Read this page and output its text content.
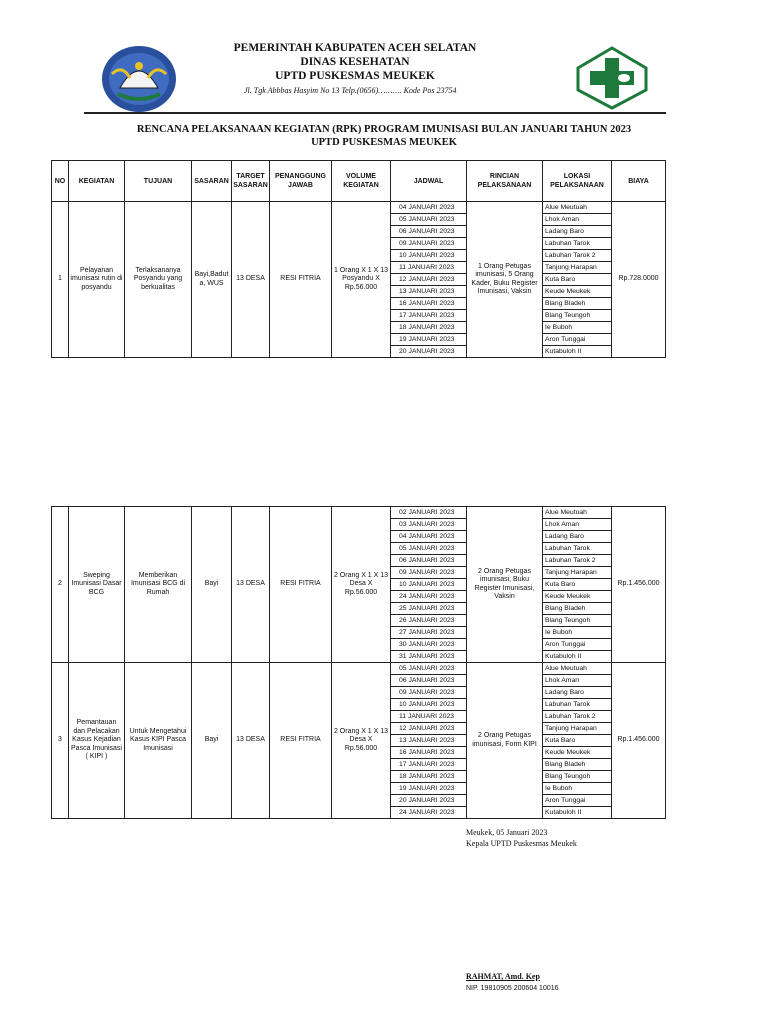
PEMERINTAH KABUPATEN ACEH SELATAN
DINAS KESEHATAN
UPTD PUSKESMAS MEUKEK
Jl. Tgk Abbbas Hasyim No 13 Telp.(0656)………. Kode Pos 23754
RENCANA PELAKSANAAN KEGIATAN (RPK) PROGRAM IMUNISASI BULAN JANUARI TAHUN 2023
UPTD PUSKESMAS MEUKEK
NO	KEGIATAN	TUJUAN	SASARAN	TARGET SASARAN	PENANGGUNG JAWAB	VOLUME KEGIATAN	JADWAL	RINCIAN PELAKSANAAN	LOKASI PELAKSANAAN	BIAYA
1	Pelayanan imunisasi rutin di posyandu	Terlaksananya Posyandu yang berkualitas	Bayi,Badut a, WUS	13 DESA	RESI FITRIA	1 Orang X 1 X 13 Posyandu X Rp.56.000	04 JANUARI 2023	1 Orang Petugas imunisasi, 5 Orang Kader, Buku Register Imunisasi, Vaksin	Alue Meutuah	Rp.728.0000
							05 JANUARI 2023		Lhok Aman	
							06 JANUARI 2023		Ladang Baro	
							09 JANUARI 2023		Labuhan Tarok	
							10 JANUARI 2023		Labuhan Tarok 2	
							11 JANUARI 2023		Tanjung Harapan	
							12 JANUARI 2023		Kuta Baro	
							13 JANUARI 2023		Keude Meukek	
							16 JANUARI 2023		Blang Bladeh	
							17 JANUARI 2023		Blang Teungoh	
							18 JANUARI 2023		Ie Buboh	
							19 JANUARI 2023		Aron Tunggai	
							20 JANUARI 2023		Kutabuloh II	
2	Sweping Imunisasi Dasar BCG	Memberikan Imunisasi BCG di Rumah	Bayi	13 DESA	RESI FITRIA	2 Orang X 1 X 13 Desa X Rp.56.000	02 JANUARI 2023	2 Orang Petugas imunisasi, Buku Register Imunisasi, Vaksin	Alue Meutuah	Rp.1.456.000
							03 JANUARI 2023		Lhok Aman	
							04 JANUARI 2023		Ladang Baro	
							05 JANUARI 2023		Labuhan Tarok	
							06 JANUARI 2023		Labuhan Tarok 2	
							09 JANUARI 2023		Tanjung Harapan	
							10 JANUARI 2023		Kuta Baro	
							24 JANUARI 2023		Keude Meukek	
							25 JANUARI 2023		Blang Bladeh	
							26 JANUARI 2023		Blang Teungoh	
							27 JANUARI 2023		Ie Buboh	
							30 JANUARI 2023		Aron Tunggai	
							31 JANUARI 2023		Kutabuloh II	
3	Pemantauan dan Pelacakan Kasus Kejadian Pasca Imunisasi ( KIPI )	Untuk Mengetahui Kasus KIPI Pasca Imunisasi	Bayi	13 DESA	RESI FITRIA	2 Orang X 1 X 13 Desa X Rp.56.000	05 JANUARI 2023	2 Orang Petugas imunisasi, Form KIPI	Alue Meutuah	Rp.1.456.000
							06 JANUARI 2023		Lhok Aman	
							09 JANUARI 2023		Ladang Baro	
							10 JANUARI 2023		Labuhan Tarok	
							11 JANUARI 2023		Labuhan Tarok 2	
							12 JANUARI 2023		Tanjung Harapan	
							13 JANUARI 2023		Kuta Baro	
							16 JANUARI 2023		Keude Meukek	
							17 JANUARI 2023		Blang Bladeh	
							18 JANUARI 2023		Blang Teungoh	
							19 JANUARI 2023		Ie Buboh	
							20 JANUARI 2023		Aron Tunggai	
							24 JANUARI 2023		Kutabuloh II	
Meukek, 05 Januari 2023
Kepala UPTD Puskesmas Meukek
RAHMAT, Amd. Kep
NIP. 19810905 200604 10016
